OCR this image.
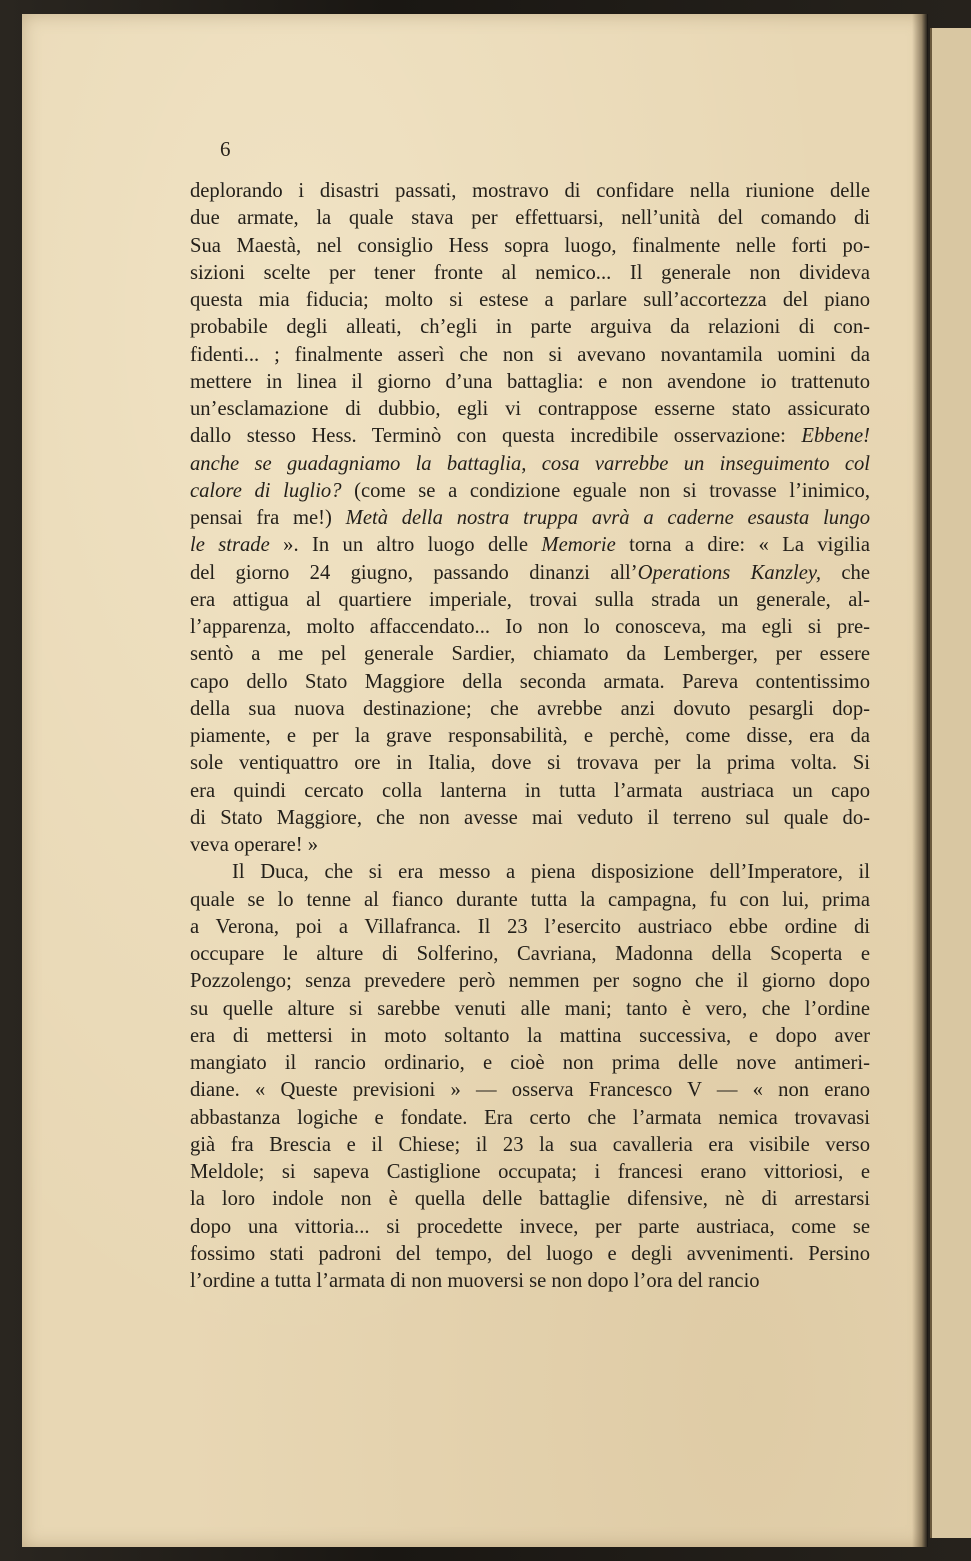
6
deplorando i disastri passati, mostravo di confidare nella riunione delle
due armate, la quale stava per effettuarsi, nell’unità del comando di
Sua Maestà, nel consiglio Hess sopra luogo, finalmente nelle forti po-
sizioni scelte per tener fronte al nemico... Il generale non divideva
questa mia fiducia; molto si estese a parlare sull’accortezza del piano
probabile degli alleati, ch’egli in parte arguiva da relazioni di con-
fidenti... ; finalmente asserì che non si avevano novantamila uomini da
mettere in linea il giorno d’una battaglia: e non avendone io trattenuto
un’esclamazione di dubbio, egli vi contrappose esserne stato assicurato
dallo stesso Hess. Terminò con questa incredibile osservazione: Ebbene!
anche se guadagniamo la battaglia, cosa varrebbe un inseguimento col
calore di luglio? (come se a condizione eguale non si trovasse l’inimico,
pensai fra me!) Metà della nostra truppa avrà a caderne esausta lungo
le strade ». In un altro luogo delle Memorie torna a dire: « La vigilia
del giorno 24 giugno, passando dinanzi all’Operations Kanzley, che
era attigua al quartiere imperiale, trovai sulla strada un generale, al-
l’apparenza, molto affaccendato... Io non lo conosceva, ma egli si pre-
sentò a me pel generale Sardier, chiamato da Lemberger, per essere
capo dello Stato Maggiore della seconda armata. Pareva contentissimo
della sua nuova destinazione; che avrebbe anzi dovuto pesargli dop-
piamente, e per la grave responsabilità, e perchè, come disse, era da
sole ventiquattro ore in Italia, dove si trovava per la prima volta. Si
era quindi cercato colla lanterna in tutta l’armata austriaca un capo
di Stato Maggiore, che non avesse mai veduto il terreno sul quale do-
veva operare! »
Il Duca, che si era messo a piena disposizione dell’Imperatore, il
quale se lo tenne al fianco durante tutta la campagna, fu con lui, prima
a Verona, poi a Villafranca. Il 23 l’esercito austriaco ebbe ordine di
occupare le alture di Solferino, Cavriana, Madonna della Scoperta e
Pozzolengo; senza prevedere però nemmen per sogno che il giorno dopo
su quelle alture si sarebbe venuti alle mani; tanto è vero, che l’ordine
era di mettersi in moto soltanto la mattina successiva, e dopo aver
mangiato il rancio ordinario, e cioè non prima delle nove antimeri-
diane. « Queste previsioni » — osserva Francesco V — « non erano
abbastanza logiche e fondate. Era certo che l’armata nemica trovavasi
già fra Brescia e il Chiese; il 23 la sua cavalleria era visibile verso
Meldole; si sapeva Castiglione occupata; i francesi erano vittoriosi, e
la loro indole non è quella delle battaglie difensive, nè di arrestarsi
dopo una vittoria... si procedette invece, per parte austriaca, come se
fossimo stati padroni del tempo, del luogo e degli avvenimenti. Persino
l’ordine a tutta l’armata di non muoversi se non dopo l’ora del rancio
